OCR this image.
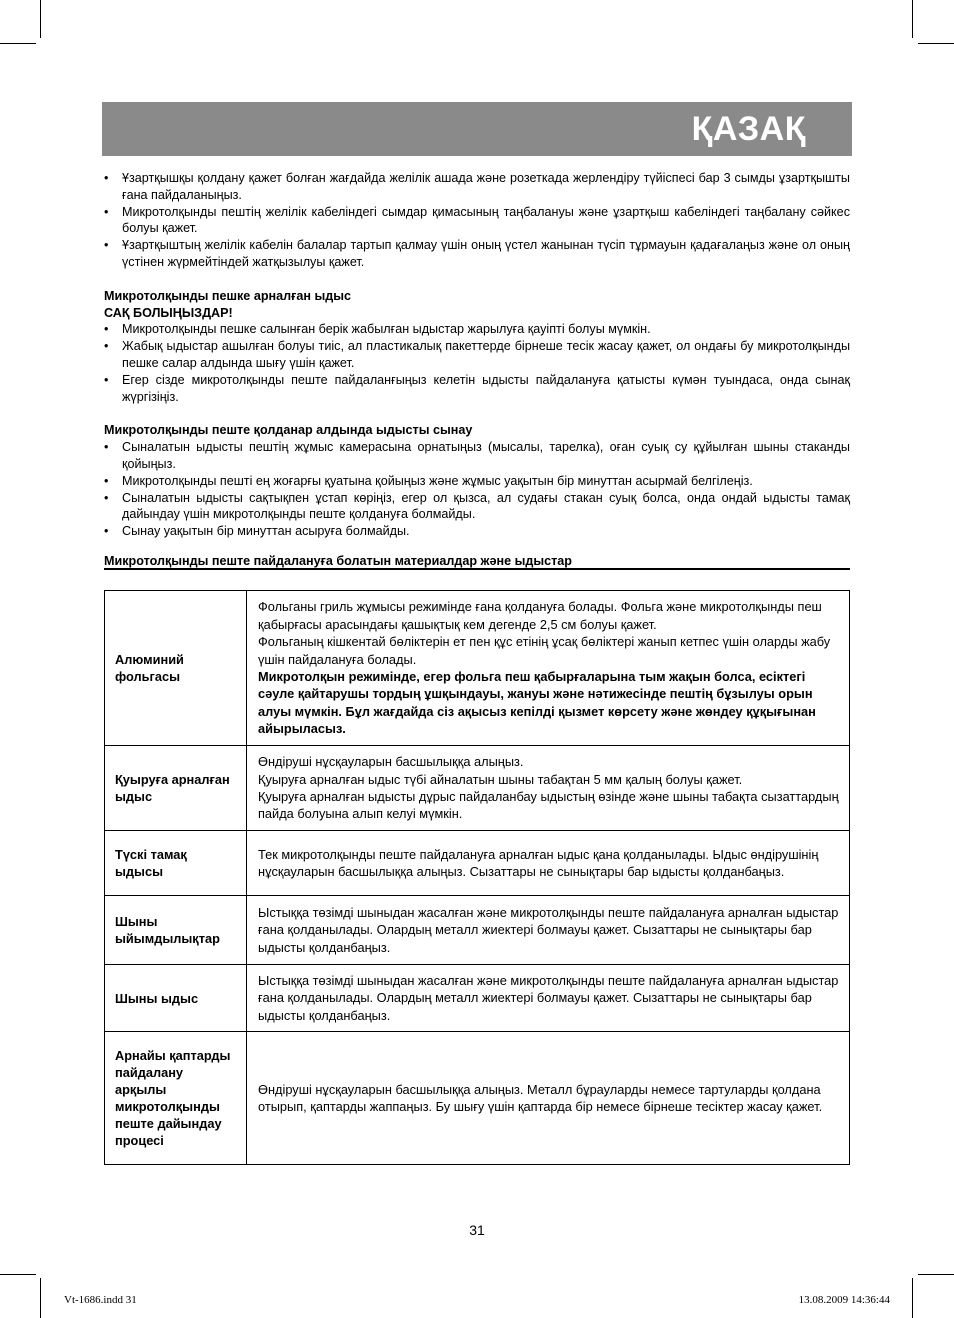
ҚАЗАҚ
• Ұзартқышқы қолдану қажет болған жағдайда желілік ашада және розеткада жерлендіру түйіспесі бар 3 сымды ұзартқышты ғана пайдаланыңыз.
• Микротолқынды пештің желілік кабеліндегі сымдар қимасының таңбалануы және ұзартқыш кабеліндегі таңбалану сәйкес болуы қажет.
• Ұзартқыштың желілік кабелін балалар тартып қалмау үшін оның үстел жанынан түсіп тұрмауын қадағалаңыз және ол оның үстінен жүрмейтіндей жатқызылуы қажет.
Микротолқынды пешке арналған ыдыс
САҚ БОЛЫҢЫЗДАР!
• Микротолқынды пешке салынған берік жабылған ыдыстар жарылуға қауіпті болуы мүмкін.
• Жабық ыдыстар ашылған болуы тиіс, ал пластикалық пакеттерде бірнеше тесік жасау қажет, ол ондағы бу микротолқынды пешке салар алдында шығу үшін қажет.
• Егер сізде микротолқынды пеште пайдаланғыңыз келетін ыдысты пайдалануға қатысты күмән туындаса, онда сынақ жүргізіңіз.
Микротолқынды пеште қолданар алдында ыдысты сынау
• Сыналатын ыдысты пештің жұмыс камерасына орнатыңыз (мысалы, тарелка), оған суық су құйылған шыны стаканды қойыңыз.
• Микротолқынды пешті ең жоғарғы қуатына қойыңыз және жұмыс уақытын бір минуттан асырмай белгілеңіз.
• Сыналатын ыдысты сақтықпен ұстап көріңіз, егер ол қызса, ал судағы стакан суық болса, онда ондай ыдысты тамақ дайындау үшін микротолқынды пеште қолдануға болмайды.
• Сынау уақытын бір минуттан асыруға болмайды.
Микротолқынды пеште пайдалануға болатын материалдар және ыдыстар
Алюминий фольгасы	Фольганы гриль жұмысы режимінде ғана қолдануға болады. Фольга және микротолқынды пеш қабырғасы арасындағы қашықтық кем дегенде 2,5 см болуы қажет.

Фольганың кішкентай бөліктерін ет пен құс етінің ұсақ бөліктері жанып кетпес үшін оларды жабу үшін пайдалануға болады.

Микротолқын режимінде, егер фольга пеш қабырғаларына тым жақын болса, есіктегі сәуле қайтарушы тордың ұшқындауы, жануы және нәтижесінде пештің бұзылуы орын алуы мүмкін. Бұл жағдайда сіз ақысыз кепілді қызмет көрсету және жөндеу құқығынан айырыласыз.

Қуыруға арналған ыдыс	Өндіруші нұсқауларын басшылыққа алыңыз.

Қуыруға арналған ыдыс түбі айналатын шыны табақтан 5 мм қалың болуы қажет.

Қуыруға арналған ыдысты дұрыс пайдаланбау ыдыстың өзінде және шыны табақта сызаттардың пайда болуына алып келуі мүмкін.

Түскі тамақ ыдысы	Тек микротолқынды пеште пайдалануға арналған ыдыс қана қолданылады. Ыдыс өндірушінің нұсқауларын басшылыққа алыңыз. Сызаттары не сынықтары бар ыдысты қолданбаңыз.

Шыны ыйымдылықтар	Ыстыққа төзімді шыныдан жасалған және микротолқынды пеште пайдалануға арналған ыдыстар ғана қолданылады. Олардың металл жиектері болмауы қажет. Сызаттары не сынықтары бар ыдысты қолданбаңыз.

Шыны ыдыс	Ыстыққа төзімді шыныдан жасалған және микротолқынды пеште пайдалануға арналған ыдыстар ғана қолданылады. Олардың металл жиектері болмауы қажет. Сызаттары не сынықтары бар ыдысты қолданбаңыз.

Арнайы қаптарды пайдалану арқылы микротолқынды пеште дайындау процесі	Өндіруші нұсқауларын басшылыққа алыңыз. Металл бұрауларды немесе тартуларды қолдана отырып, қаптарды жаппаңыз. Бу шығу үшін қаптарда бір немесе бірнеше тесіктер жасау қажет.

31
Vt-1686.indd 31	13.08.2009 14:36:44
